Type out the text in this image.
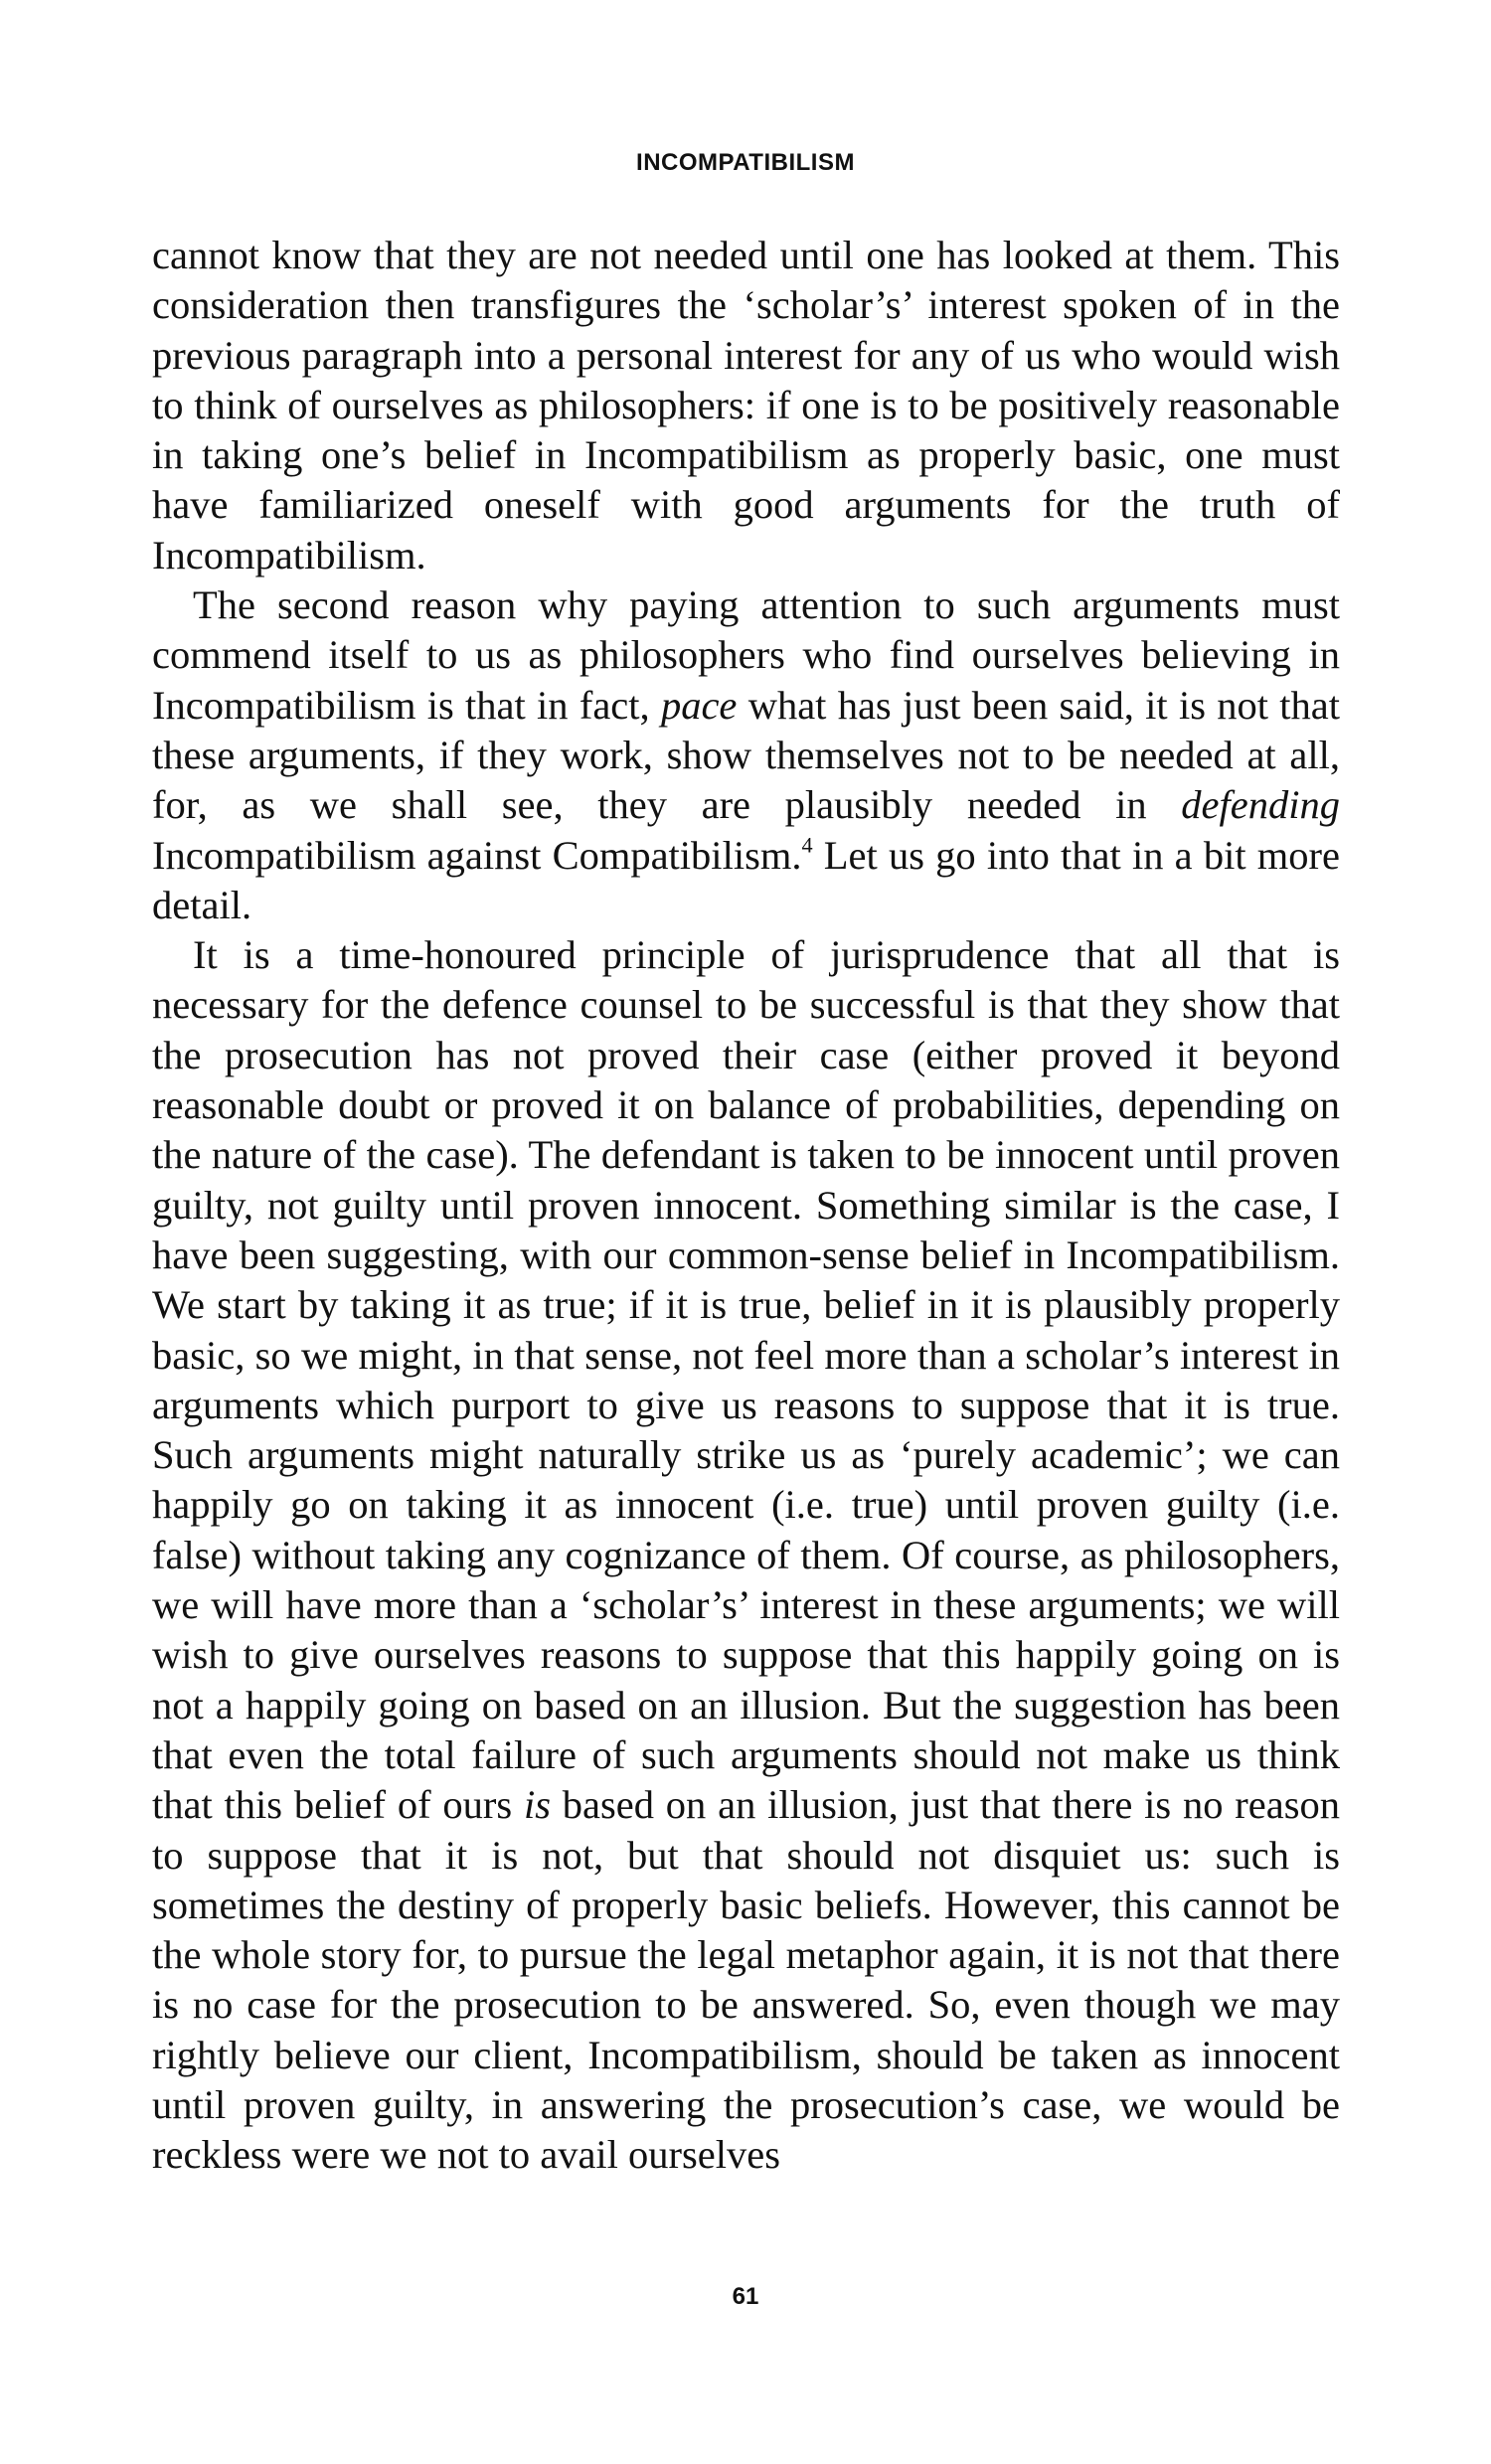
INCOMPATIBILISM

cannot know that they are not needed until one has looked at them. This consideration then transfigures the ‘scholar’s’ interest spoken of in the previous paragraph into a personal interest for any of us who would wish to think of ourselves as philosophers: if one is to be positively reasonable in taking one’s belief in Incompatibilism as properly basic, one must have familiarized oneself with good arguments for the truth of Incompatibilism.

The second reason why paying attention to such arguments must commend itself to us as philosophers who find ourselves believing in Incompatibilism is that in fact, pace what has just been said, it is not that these arguments, if they work, show themselves not to be needed at all, for, as we shall see, they are plausibly needed in defending Incompatibilism against Compatibilism.$^4$ Let us go into that in a bit more detail.

It is a time-honoured principle of jurisprudence that all that is necessary for the defence counsel to be successful is that they show that the prosecution has not proved their case (either proved it beyond reasonable doubt or proved it on balance of probabilities, depending on the nature of the case). The defendant is taken to be innocent until proven guilty, not guilty until proven innocent. Something similar is the case, I have been suggesting, with our common-sense belief in Incompatibilism. We start by taking it as true; if it is true, belief in it is plausibly properly basic, so we might, in that sense, not feel more than a scholar’s interest in arguments which purport to give us reasons to suppose that it is true. Such arguments might naturally strike us as ‘purely academic’; we can happily go on taking it as innocent (i.e. true) until proven guilty (i.e. false) without taking any cognizance of them. Of course, as philosophers, we will have more than a ‘scholar’s’ interest in these arguments; we will wish to give ourselves reasons to suppose that this happily going on is not a happily going on based on an illusion. But the suggestion has been that even the total failure of such arguments should not make us think that this belief of ours is based on an illusion, just that there is no reason to suppose that it is not, but that should not disquiet us: such is sometimes the destiny of properly basic beliefs. However, this cannot be the whole story for, to pursue the legal metaphor again, it is not that there is no case for the prosecution to be answered. So, even though we may rightly believe our client, Incompatibilism, should be taken as innocent until proven guilty, in answering the prosecution’s case, we would be reckless were we not to avail ourselves

61
